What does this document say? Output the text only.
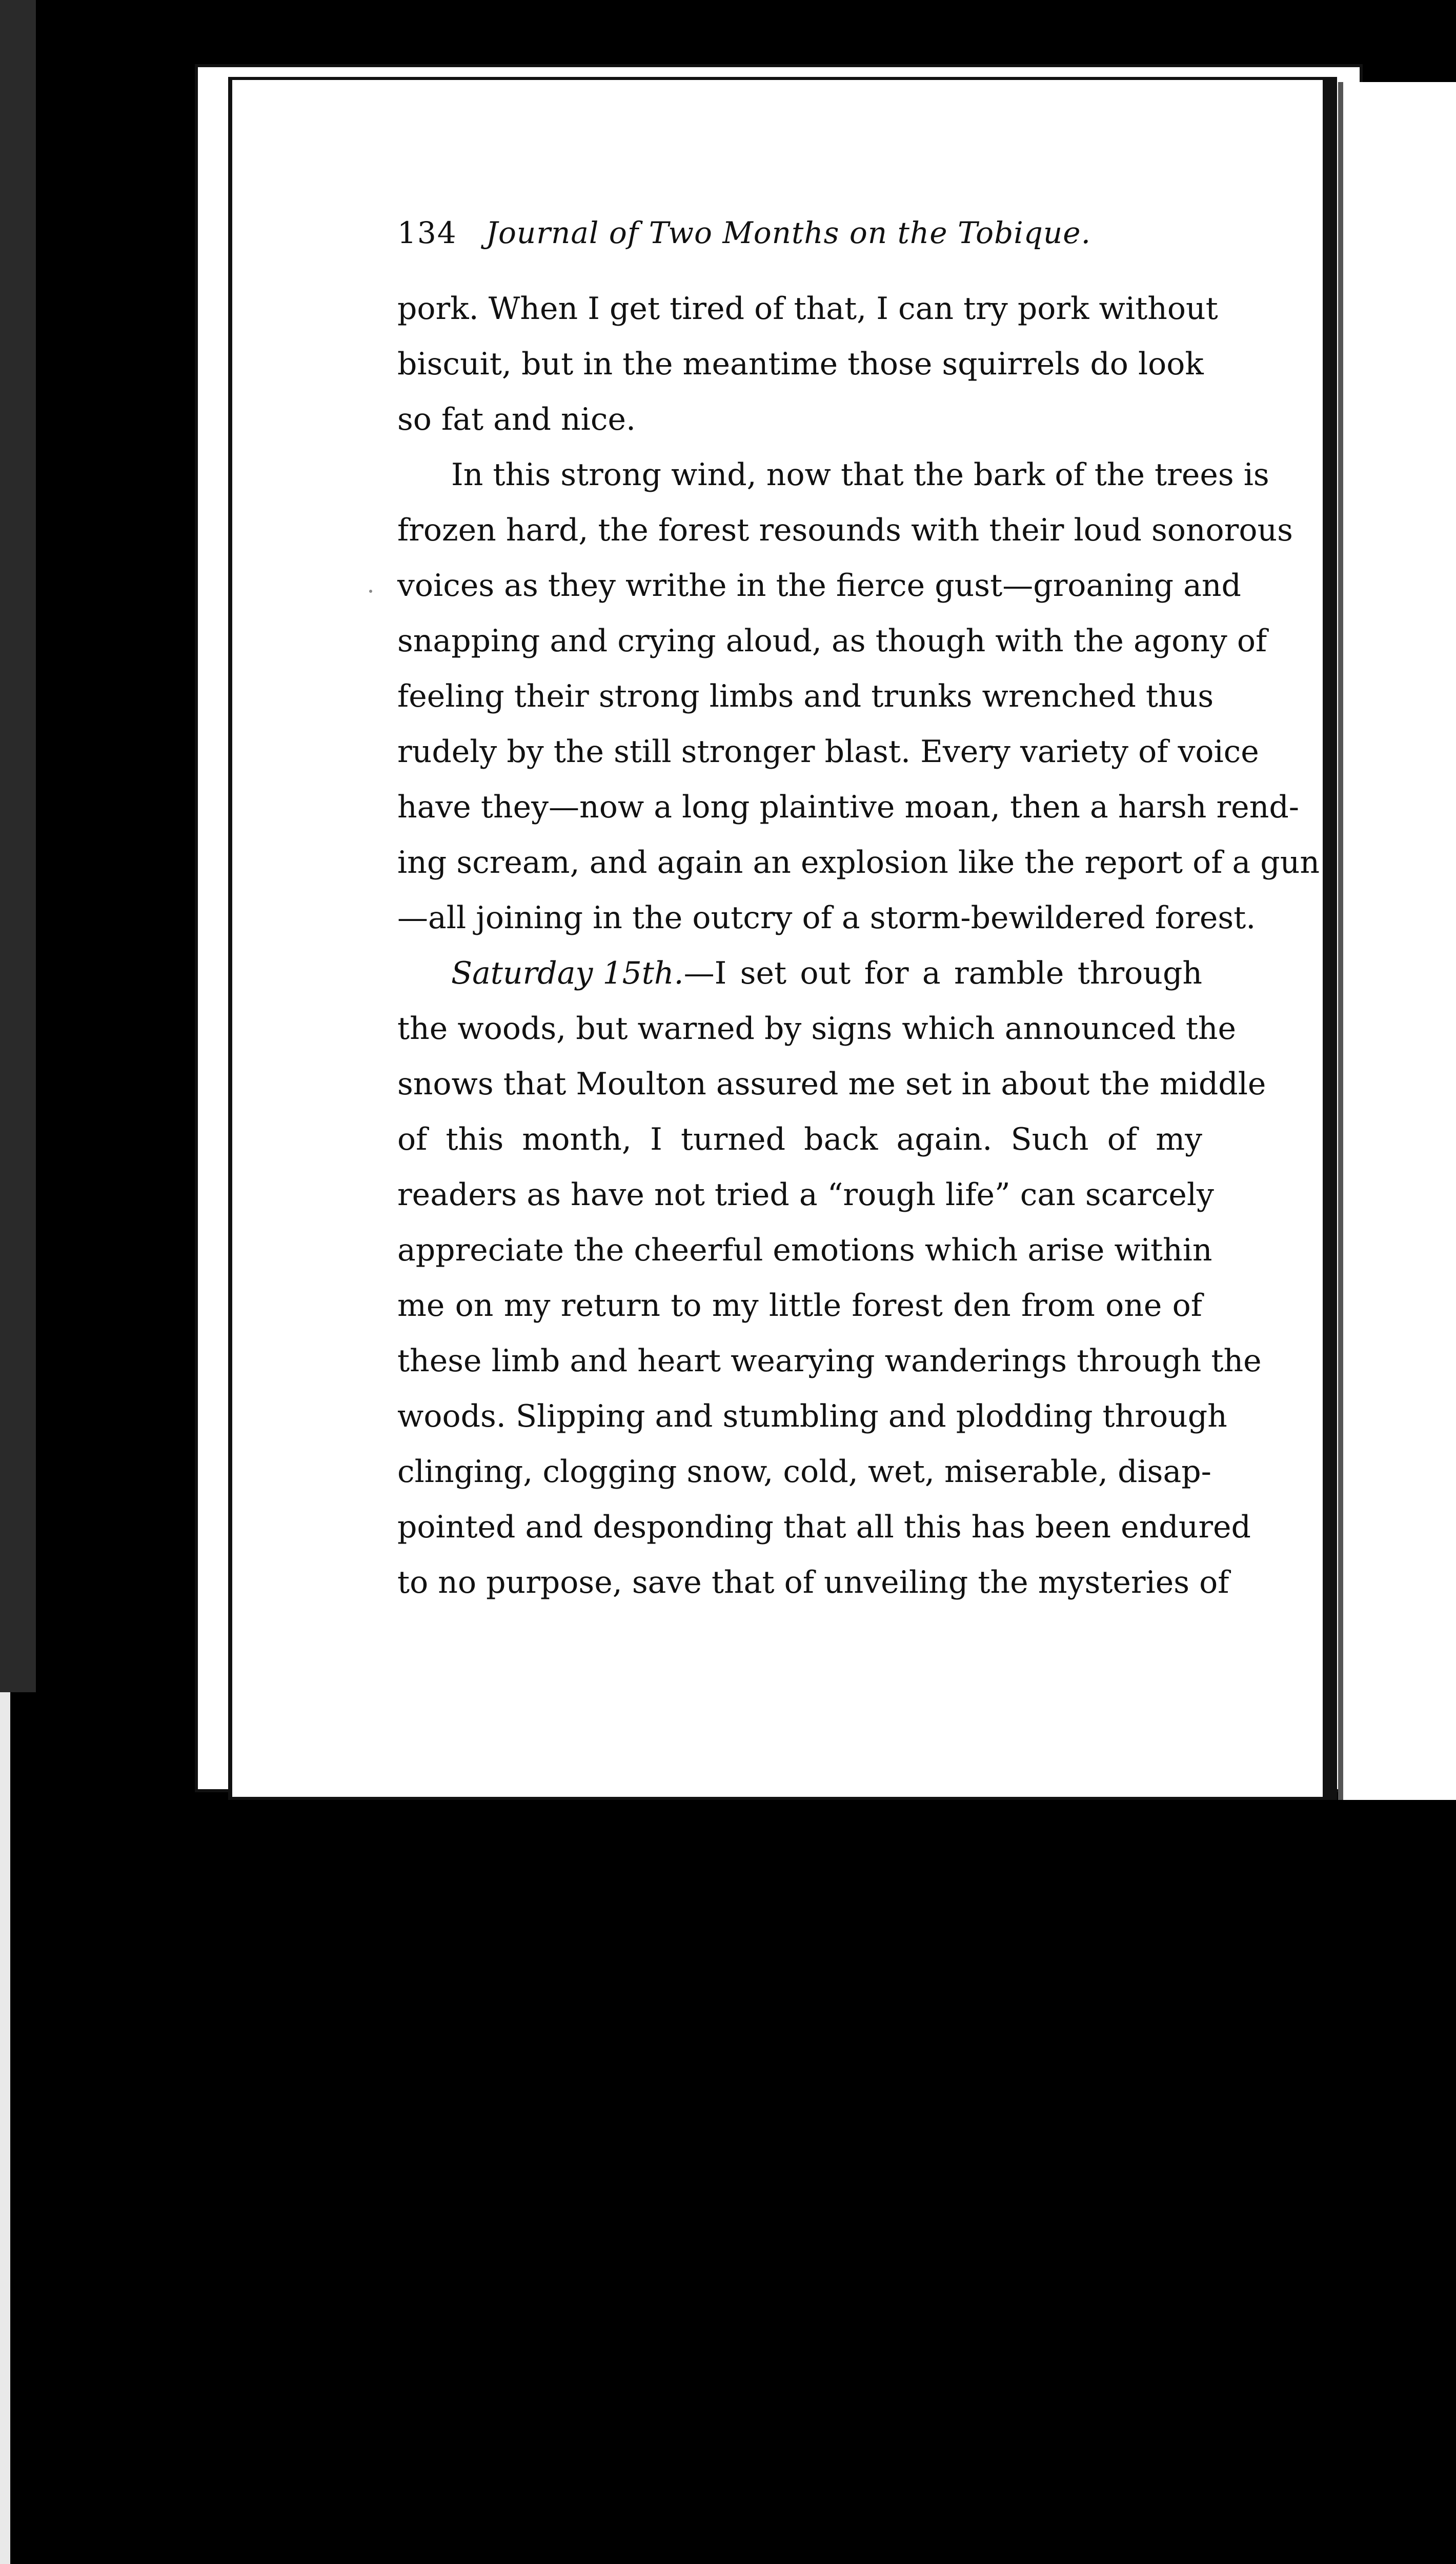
134 Journal of Two Months on the Tobique.
pork. When I get tired of that, I can try pork without
biscuit, but in the meantime those squirrels do look
so fat and nice.
In this strong wind, now that the bark of the trees is
frozen hard, the forest resounds with their loud sonorous
voices as they writhe in the fierce gust—groaning and
snapping and crying aloud, as though with the agony of
feeling their strong limbs and trunks wrenched thus
rudely by the still stronger blast. Every variety of voice
have they—now a long plaintive moan, then a harsh rend-
ing scream, and again an explosion like the report of a gun
—all joining in the outcry of a storm-bewildered forest.
Saturday 15th. —I set out for a ramble through
the woods, but warned by signs which announced the
snows that Moulton assured me set in about the middle
of this month, I turned back again. Such of my
readers as have not tried a “rough life” can scarcely
appreciate the cheerful emotions which arise within
me on my return to my little forest den from one of
these limb and heart wearying wanderings through the
woods. Slipping and stumbling and plodding through
clinging, clogging snow, cold, wet, miserable, disap-
pointed and desponding that all this has been endured
to no purpose, save that of unveiling the mysteries of
